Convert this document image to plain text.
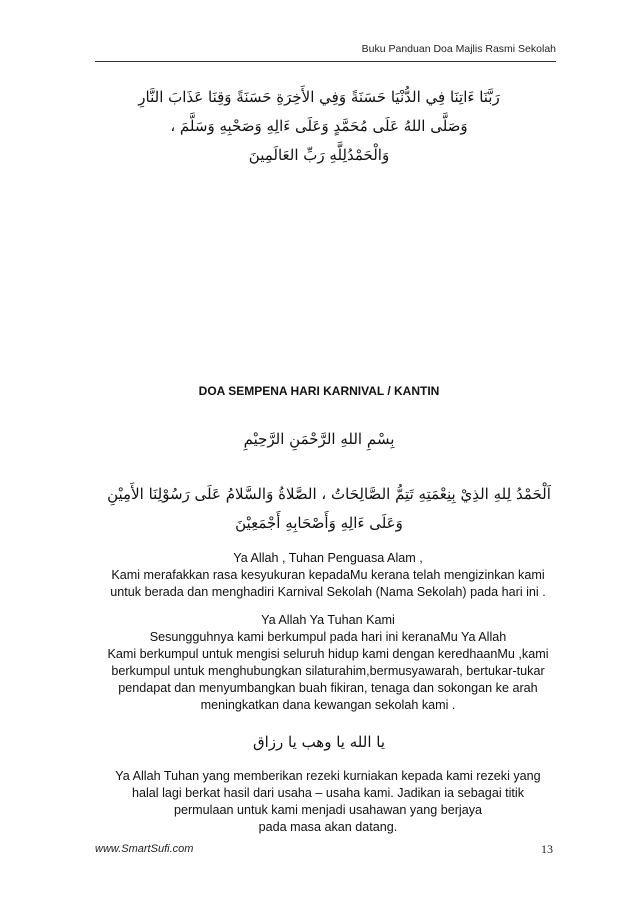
Buku Panduan Doa Majlis Rasmi Sekolah
رَبَّنَا ءَاتِنَا فِي الدُّنْيَا حَسَنَةً وَفِي الأَخِرَةِ حَسَنَةً وَقِنَا عَذَابَ النَّارِ
وَصَلَّى اللهُ عَلَى مُحَمَّدٍ وَعَلَى ءَالِهِ وَصَحْبِهِ وَسَلَّمَ ،
وَالْحَمْدُلِلَّهِ رَبِّ العَالَمِينَ
DOA SEMPENA HARI KARNIVAL / KANTIN
بِسْمِ اللهِ الرَّحْمَنِ الرَّحِيْمِ
اَلْحَمْدُ لِلهِ الذِيْ بِنِعْمَتِهِ تَتِمُّ الصَّالِحَاتُ ، الصَّلاةُ وَالسَّلامُ عَلَى رَسُوْلِنَا الأَمِيْنِ
وَعَلَى ءَالِهِ وَأَصْحَابِهِ أَجْمَعِيْنَ
Ya Allah , Tuhan Penguasa Alam ,
Kami merafakkan rasa kesyukuran kepadaMu kerana telah mengizinkan kami
untuk berada dan menghadiri Karnival Sekolah (Nama Sekolah) pada hari ini .
Ya Allah Ya Tuhan Kami
Sesungguhnya kami berkumpul pada hari ini keranaMu Ya Allah
Kami berkumpul untuk mengisi seluruh hidup kami dengan keredhaanMu ,kami
berkumpul untuk menghubungkan silaturahim,bermusyawarah, bertukar-tukar
pendapat dan menyumbangkan buah fikiran, tenaga dan sokongan ke arah
meningkatkan dana kewangan sekolah kami .
يا الله يا وهب يا رزاق
Ya Allah Tuhan yang memberikan rezeki kurniakan kepada kami rezeki yang
halal lagi berkat hasil dari usaha – usaha kami. Jadikan ia sebagai titik
permulaan untuk kami menjadi usahawan yang berjaya
pada masa akan datang.
www.SmartSufi.com	13
